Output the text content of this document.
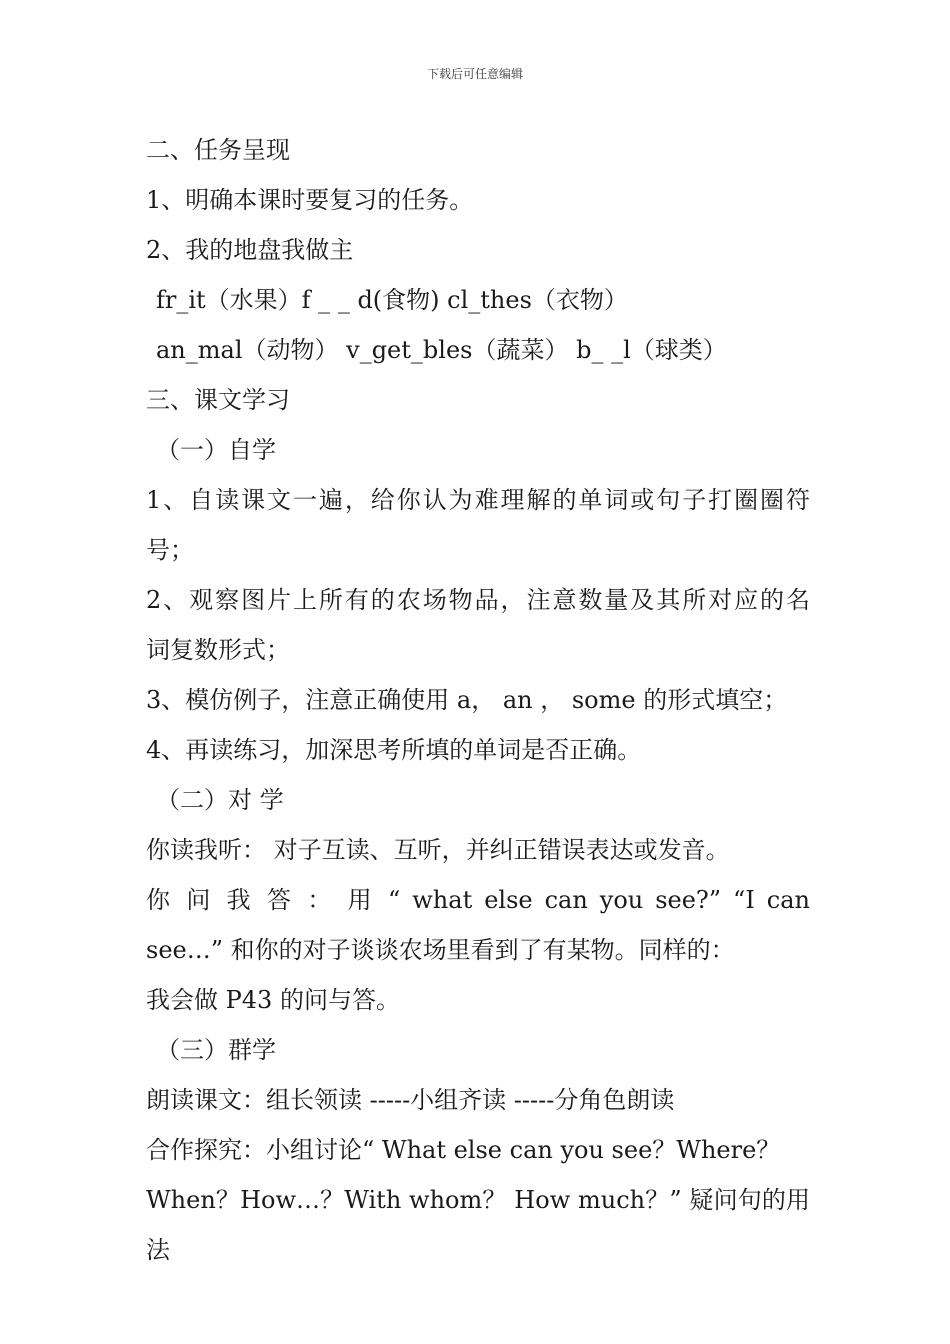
下载后可任意编辑
二、任务呈现
1、明确本课时要复习的任务。
2、我的地盘我做主
fr_it（水果）f _ _ d(食物) cl_thes（衣物）
an_mal（动物） v_get_bles（蔬菜） b_ _l（球类）
三、课文学习
（一）自学
1、自读课文一遍，给你认为难理解的单词或句子打圈圈符
号；
2、观察图片上所有的农场物品，注意数量及其所对应的名
词复数形式；
3、模仿例子，注意正确使用 a， an ， some 的形式填空；
4、再读练习，加深思考所填的单词是否正确。
（二）对 学
你读我听： 对子互读、互听，并纠正错误表达或发音。
你 问 我 答 ： 用 “ what else can you see?” “I can
see…” 和你的对子谈谈农场里看到了有某物。同样的：
我会做 P43 的问与答。
（三）群学
朗读课文：组长领读 -----小组齐读 -----分角色朗读
合作探究：小组讨论“ What else can you see？Where？
When？How…？With whom？ How much？” 疑问句的用法
